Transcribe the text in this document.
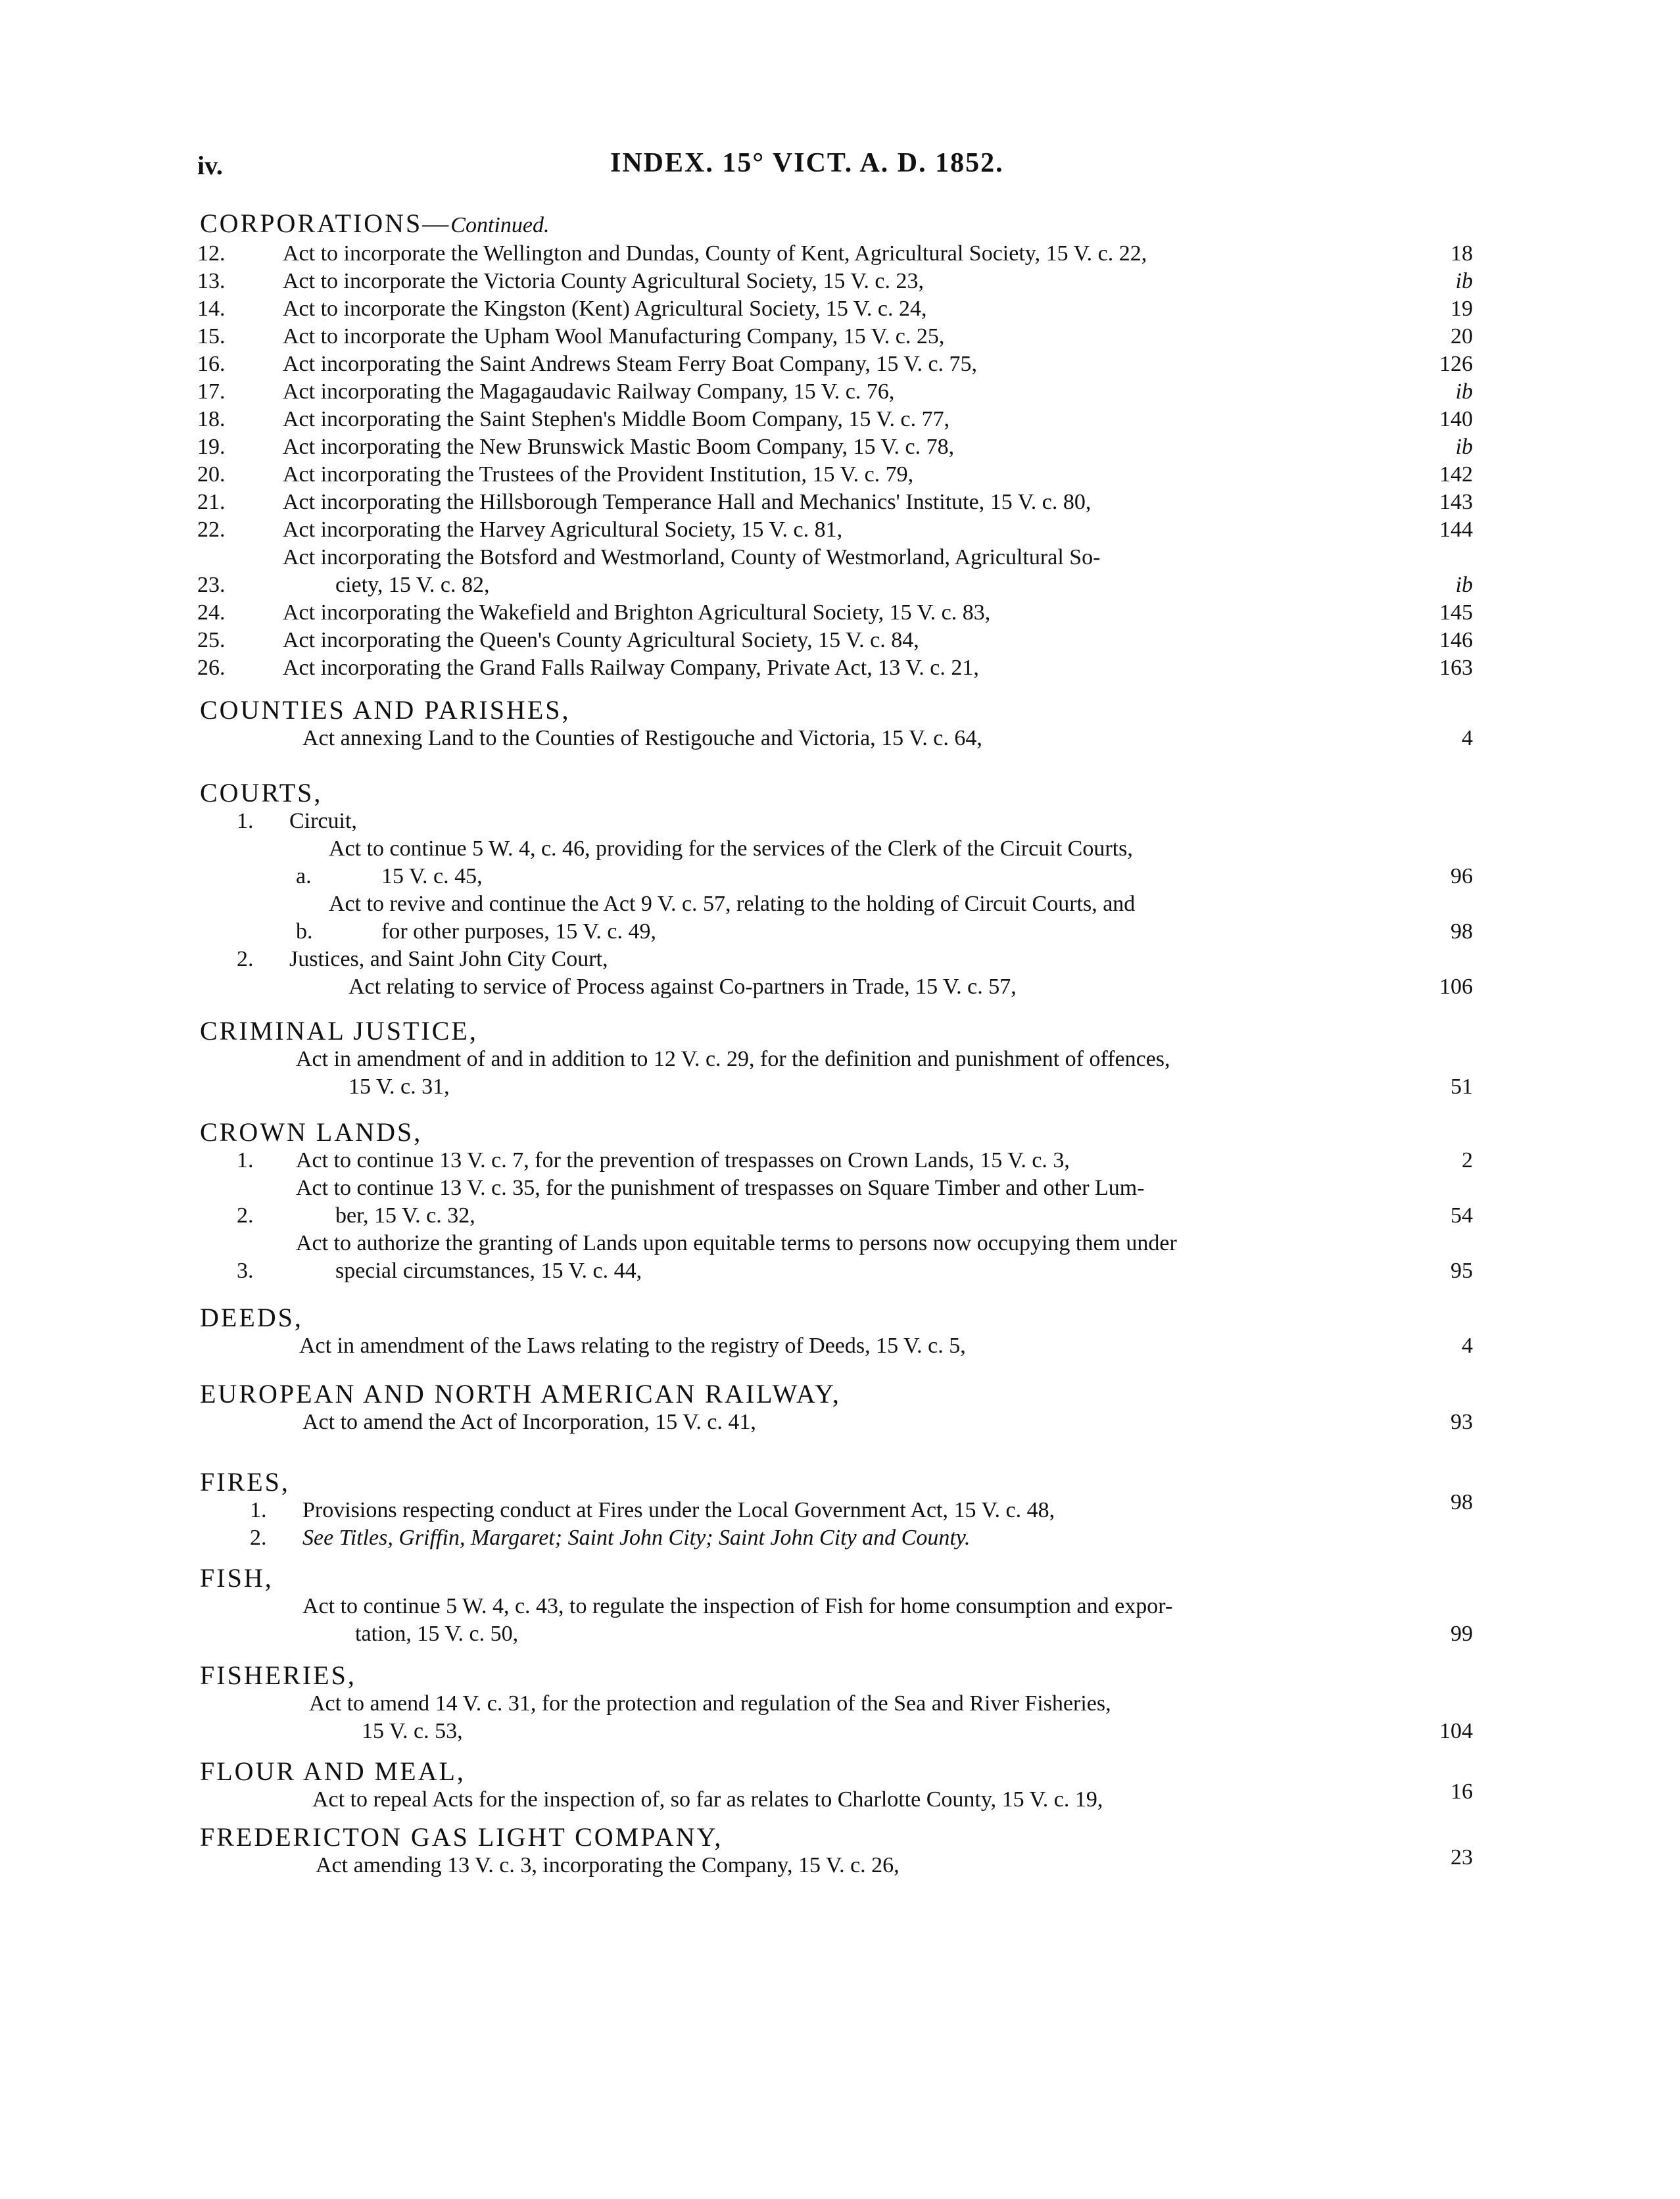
iv.	INDEX. 15° VICT. A. D. 1852.
CORPORATIONS—Continued.
12.	Act to incorporate the Wellington and Dundas, County of Kent, Agricultural Society, 15 V. c. 22,	18
13.	Act to incorporate the Victoria County Agricultural Society, 15 V. c. 23,	ib
14.	Act to incorporate the Kingston (Kent) Agricultural Society, 15 V. c. 24,	19
15.	Act to incorporate the Upham Wool Manufacturing Company, 15 V. c. 25,	20
16.	Act incorporating the Saint Andrews Steam Ferry Boat Company, 15 V. c. 75,	126
17.	Act incorporating the Magagaudavic Railway Company, 15 V. c. 76,	ib
18.	Act incorporating the Saint Stephen's Middle Boom Company, 15 V. c. 77,	140
19.	Act incorporating the New Brunswick Mastic Boom Company, 15 V. c. 78,	ib
20.	Act incorporating the Trustees of the Provident Institution, 15 V. c. 79,	142
21.	Act incorporating the Hillsborough Temperance Hall and Mechanics' Institute, 15 V. c. 80,	143
22.	Act incorporating the Harvey Agricultural Society, 15 V. c. 81,	144
23.
Act incorporating the Botsford and Westmorland, County of Westmorland, Agricultural So-
ciety, 15 V. c. 82,	ib
24.	Act incorporating the Wakefield and Brighton Agricultural Society, 15 V. c. 83,	145
25.	Act incorporating the Queen's County Agricultural Society, 15 V. c. 84,	146
26.	Act incorporating the Grand Falls Railway Company, Private Act, 13 V. c. 21,	163
COUNTIES AND PARISHES,
Act annexing Land to the Counties of Restigouche and Victoria, 15 V. c. 64,	4
COURTS,
1.	Circuit,
a.
Act to continue 5 W. 4, c. 46, providing for the services of the Clerk of the Circuit Courts,
15 V. c. 45,	96
b.
Act to revive and continue the Act 9 V. c. 57, relating to the holding of Circuit Courts, and
for other purposes, 15 V. c. 49,	98
2.	Justices, and Saint John City Court,
Act relating to service of Process against Co-partners in Trade, 15 V. c. 57,	106
CRIMINAL JUSTICE,
Act in amendment of and in addition to 12 V. c. 29, for the definition and punishment of offences,
15 V. c. 31,	51
CROWN LANDS,
1.	Act to continue 13 V. c. 7, for the prevention of trespasses on Crown Lands, 15 V. c. 3,	2
2.
Act to continue 13 V. c. 35, for the punishment of trespasses on Square Timber and other Lum-
ber, 15 V. c. 32,	54
3.
Act to authorize the granting of Lands upon equitable terms to persons now occupying them under
special circumstances, 15 V. c. 44,	95
DEEDS,
Act in amendment of the Laws relating to the registry of Deeds, 15 V. c. 5,	4
EUROPEAN AND NORTH AMERICAN RAILWAY,
Act to amend the Act of Incorporation, 15 V. c. 41,	93
FIRES,
1.	Provisions respecting conduct at Fires under the Local Government Act, 15 V. c. 48,	98
2.	See Titles, Griffin, Margaret; Saint John City; Saint John City and County.
FISH,
Act to continue 5 W. 4, c. 43, to regulate the inspection of Fish for home consumption and expor-
tation, 15 V. c. 50,	99
FISHERIES,
Act to amend 14 V. c. 31, for the protection and regulation of the Sea and River Fisheries,
15 V. c. 53,	104
FLOUR AND MEAL,
Act to repeal Acts for the inspection of, so far as relates to Charlotte County, 15 V. c. 19,	16
FREDERICTON GAS LIGHT COMPANY,
Act amending 13 V. c. 3, incorporating the Company, 15 V. c. 26,	23
